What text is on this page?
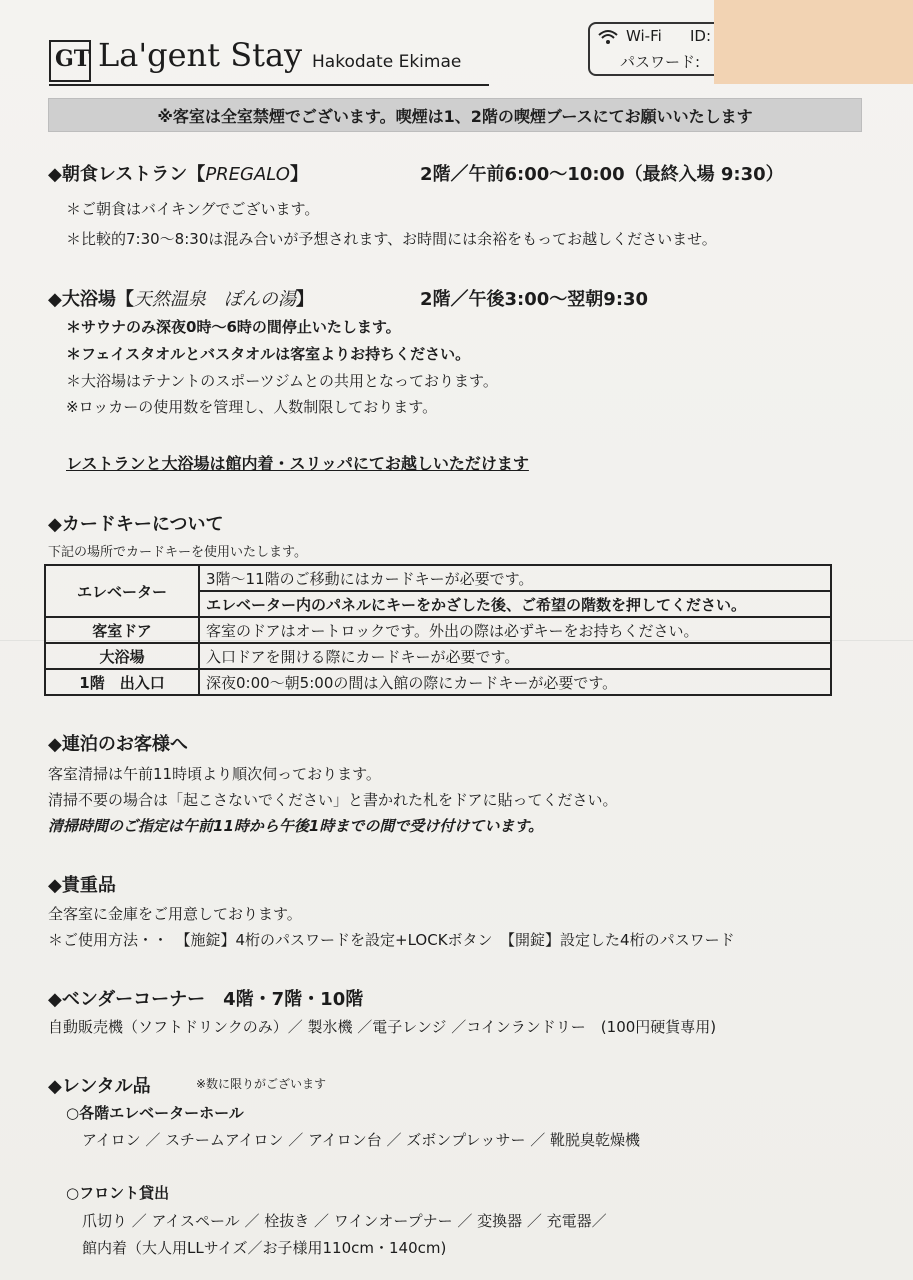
GT La'gent Stay Hakodate Ekimae
Wi-Fi ID:
パスワード:
※客室は全室禁煙でございます。喫煙は1、2階の喫煙ブースにてお願いいたします
◆朝食レストラン【PREGALO】	2階／午前6:00〜10:00（最終入場 9:30）
＊ご朝食はバイキングでございます。
＊比較的7:30〜8:30は混み合いが予想されます、お時間には余裕をもってお越しくださいませ。
◆大浴場【天然温泉　ぽんの湯】	2階／午後3:00〜翌朝9:30
＊サウナのみ深夜0時〜6時の間停止いたします。
＊フェイスタオルとバスタオルは客室よりお持ちください。
＊大浴場はテナントのスポーツジムとの共用となっております。
※ロッカーの使用数を管理し、人数制限しております。
レストランと大浴場は館内着・スリッパにてお越しいただけます
◆カードキーについて
下記の場所でカードキーを使用いたします。
エレベーター	3階〜11階のご移動にはカードキーが必要です。
	エレベーター内のパネルにキーをかざした後、ご希望の階数を押してください。
客室ドア	客室のドアはオートロックです。外出の際は必ずキーをお持ちください。
大浴場	入口ドアを開ける際にカードキーが必要です。
1階　出入口	深夜0:00〜朝5:00の間は入館の際にカードキーが必要です。
◆連泊のお客様へ
客室清掃は午前11時頃より順次伺っております。
清掃不要の場合は「起こさないでください」と書かれた札をドアに貼ってください。
清掃時間のご指定は午前11時から午後1時までの間で受け付けています。
◆貴重品
全客室に金庫をご用意しております。
＊ご使用方法・・　【施錠】4桁のパスワードを設定+LOCKボタン　【開錠】設定した4桁のパスワード
◆ベンダーコーナー　4階・7階・10階
自動販売機（ソフトドリンクのみ）／ 製氷機 ／電子レンジ ／コインランドリー　(100円硬貨専用)
◆レンタル品	※数に限りがございます
○各階エレベーターホール
アイロン ／ スチームアイロン ／ アイロン台 ／ ズボンプレッサー ／ 靴脱臭乾燥機
○フロント貸出
爪切り ／ アイスペール ／ 栓抜き ／ ワインオープナー ／ 変換器 ／ 充電器／
館内着（大人用LLサイズ／お子様用110cm・140cm)
